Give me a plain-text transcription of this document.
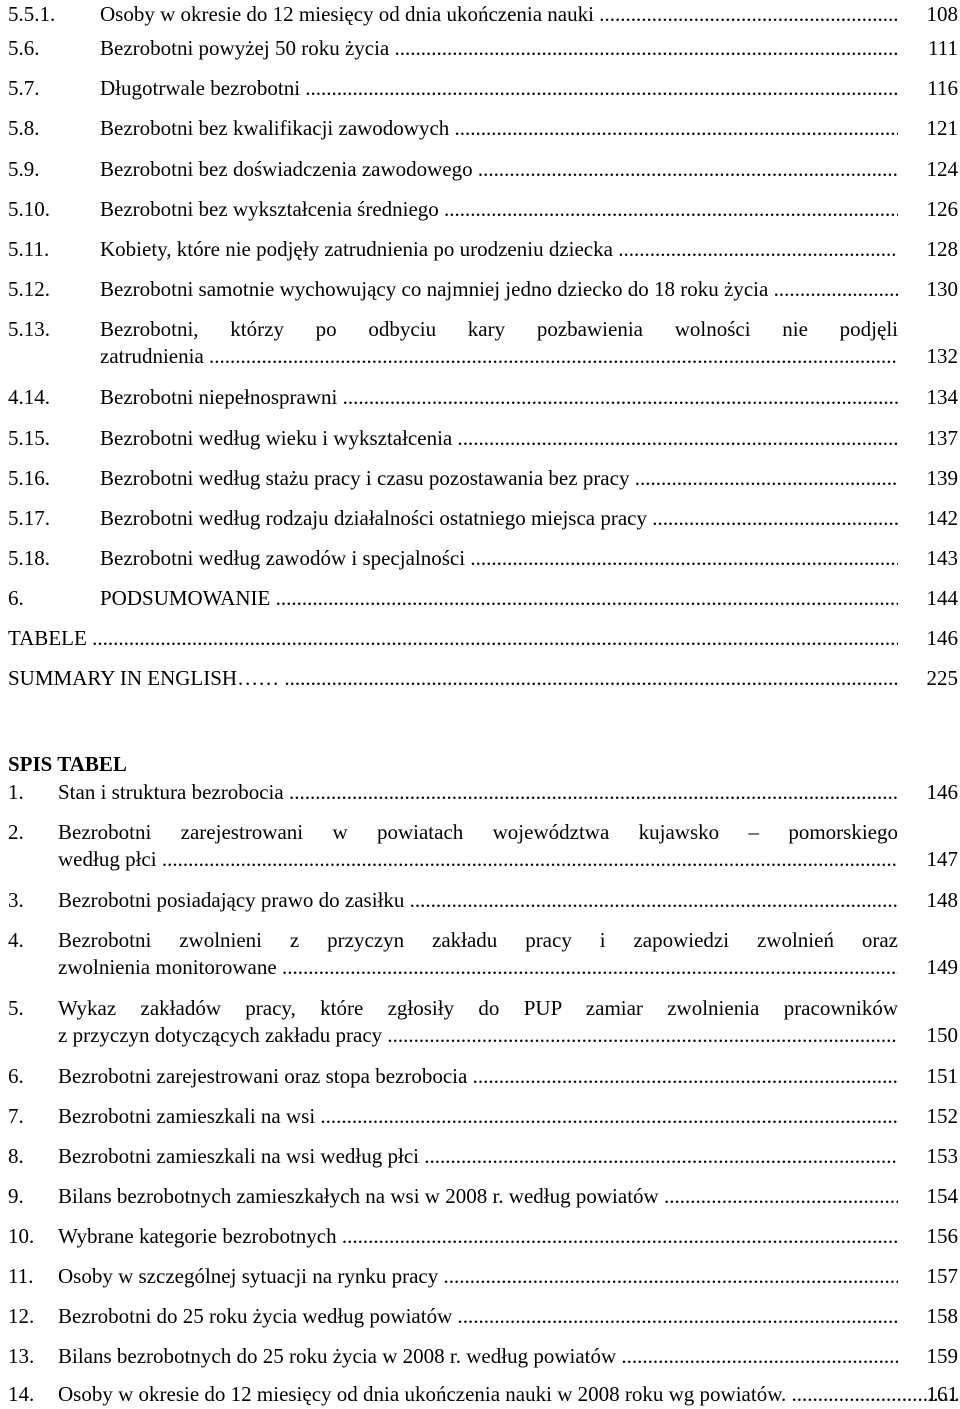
5.5.1. Osoby w okresie do 12 miesięcy od dnia ukończenia nauki .....	108
5.6.	Bezrobotni powyżej 50 roku życia .....	111
5.7.	Długotrwale bezrobotni .....	116
5.8.	Bezrobotni bez kwalifikacji zawodowych .....	121
5.9.	Bezrobotni bez doświadczenia zawodowego .....	124
5.10. Bezrobotni bez wykształcenia średniego .....	126
5.11. Kobiety, które nie podjęły zatrudnienia po urodzeniu dziecka .....	128
5.12. Bezrobotni samotnie wychowujący co najmniej jedno dziecko do 18 roku życia .....	130
5.13. Bezrobotni, którzy po odbyciu kary pozbawienia wolności nie podjęli
zatrudnienia .....	132
4.14. Bezrobotni niepełnosprawni .....	134
5.15. Bezrobotni według wieku i wykształcenia .....	137
5.16. Bezrobotni według stażu pracy i czasu pozostawania bez pracy .....	139
5.17. Bezrobotni według rodzaju działalności ostatniego miejsca pracy .....	142
5.18. Bezrobotni według zawodów i specjalności .....	143
6.	PODSUMOWANIE .....	144
TABELE .....	146
SUMMARY IN ENGLISH…… .....	225
SPIS TABEL
1. Stan i struktura bezrobocia .....	146
2. Bezrobotni zarejestrowani w powiatach województwa kujawsko – pomorskiego
według płci .....	147
3. Bezrobotni posiadający prawo do zasiłku .....	148
4. Bezrobotni zwolnieni z przyczyn zakładu pracy i zapowiedzi zwolnień oraz
zwolnienia monitorowane .....	149
5. Wykaz zakładów pracy, które zgłosiły do PUP zamiar zwolnienia pracowników
z przyczyn dotyczących zakładu pracy .....	150
6. Bezrobotni zarejestrowani oraz stopa bezrobocia .....	151
7. Bezrobotni zamieszkali na wsi .....	152
8. Bezrobotni zamieszkali na wsi według płci .....	153
9. Bilans bezrobotnych zamieszkałych na wsi w 2008 r. według powiatów .....	154
10. Wybrane kategorie bezrobotnych .....	156
11. Osoby w szczególnej sytuacji na rynku pracy .....	157
12. Bezrobotni do 25 roku życia według powiatów .....	158
13. Bilans bezrobotnych do 25 roku życia w 2008 r. według powiatów .....	159
14. Osoby w okresie do 12 miesięcy od dnia ukończenia nauki w 2008 roku wg powiatów. .....	161
